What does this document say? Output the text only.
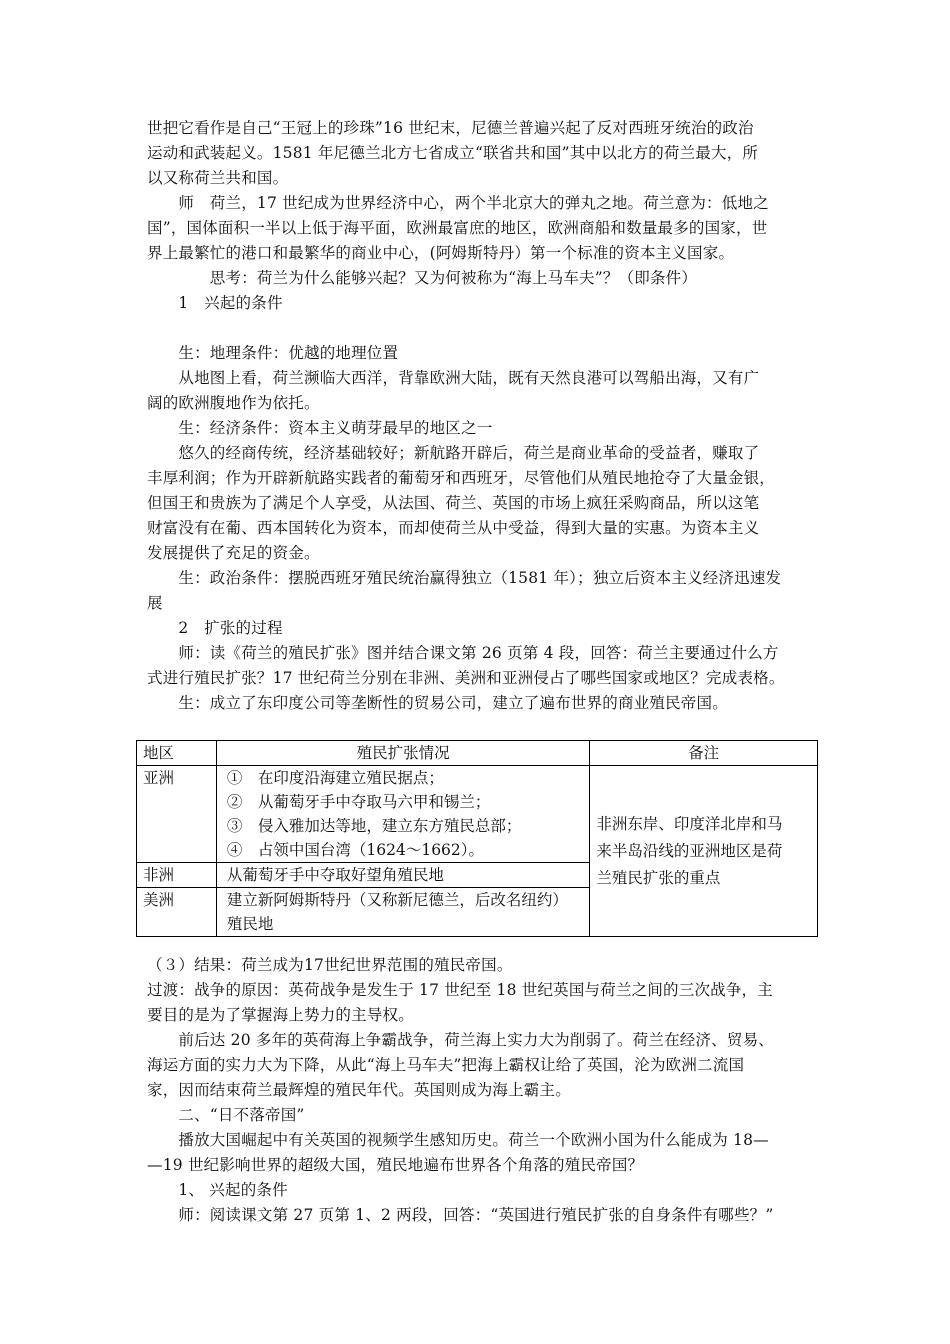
世把它看作是自己“王冠上的珍珠”16 世纪末，尼德兰普遍兴起了反对西班牙统治的政治
运动和武装起义。1581 年尼德兰北方七省成立“联省共和国”其中以北方的荷兰最大，所
以又称荷兰共和国。
　　师　荷兰，17 世纪成为世界经济中心，两个半北京大的弹丸之地。荷兰意为：低地之
国”，国体面积一半以上低于海平面，欧洲最富庶的地区，欧洲商船和数量最多的国家，世
界上最繁忙的港口和最繁华的商业中心，(阿姆斯特丹）第一个标准的资本主义国家。
　　　　思考：荷兰为什么能够兴起？又为何被称为“海上马车夫”？（即条件）
　　1　兴起的条件
　　生：地理条件：优越的地理位置
　　从地图上看，荷兰濒临大西洋，背靠欧洲大陆，既有天然良港可以驾船出海，又有广
阔的欧洲腹地作为依托。
　　生：经济条件：资本主义萌芽最早的地区之一
　　悠久的经商传统，经济基础较好；新航路开辟后，荷兰是商业革命的受益者，赚取了
丰厚利润；作为开辟新航路实践者的葡萄牙和西班牙，尽管他们从殖民地抢夺了大量金银，
但国王和贵族为了满足个人享受，从法国、荷兰、英国的市场上疯狂采购商品，所以这笔
财富没有在葡、西本国转化为资本，而却使荷兰从中受益，得到大量的实惠。为资本主义
发展提供了充足的资金。
　　生：政治条件：摆脱西班牙殖民统治赢得独立（1581 年）；独立后资本主义经济迅速发
展
　　2　扩张的过程
　　师：读《荷兰的殖民扩张》图并结合课文第 26 页第 4 段，回答：荷兰主要通过什么方
式进行殖民扩张？17 世纪荷兰分别在非洲、美洲和亚洲侵占了哪些国家或地区？完成表格。
　　生：成立了东印度公司等垄断性的贸易公司，建立了遍布世界的商业殖民帝国。
地区	殖民扩张情况	备注
亚洲	①　在印度沿海建立殖民据点；
②　从葡萄牙手中夺取马六甲和锡兰；
③　侵入雅加达等地，建立东方殖民总部；
④　占领中国台湾（1624～1662）。	非洲东岸、印度洋北岸和马
来半岛沿线的亚洲地区是荷
兰殖民扩张的重点

非洲	从葡萄牙手中夺取好望角殖民地	
美洲	建立新阿姆斯特丹（又称新尼德兰，后改名纽约）
殖民地	
（３）结果：荷兰成为17世纪世界范围的殖民帝国。
过渡：战争的原因：英荷战争是发生于 17 世纪至 18 世纪英国与荷兰之间的三次战争，主
要目的是为了掌握海上势力的主导权。
　　前后达 20 多年的英荷海上争霸战争，荷兰海上实力大为削弱了。荷兰在经济、贸易、
海运方面的实力大为下降，从此“海上马车夫”把海上霸权让给了英国，沦为欧洲二流国
家，因而结束荷兰最辉煌的殖民年代。英国则成为海上霸主。
　　二、“日不落帝国”
　　播放大国崛起中有关英国的视频学生感知历史。荷兰一个欧洲小国为什么能成为 18—
—19 世纪影响世界的超级大国，殖民地遍布世界各个角落的殖民帝国？
　　1、 兴起的条件
　　师：阅读课文第 27 页第 1、2 两段，回答：“英国进行殖民扩张的自身条件有哪些？”
